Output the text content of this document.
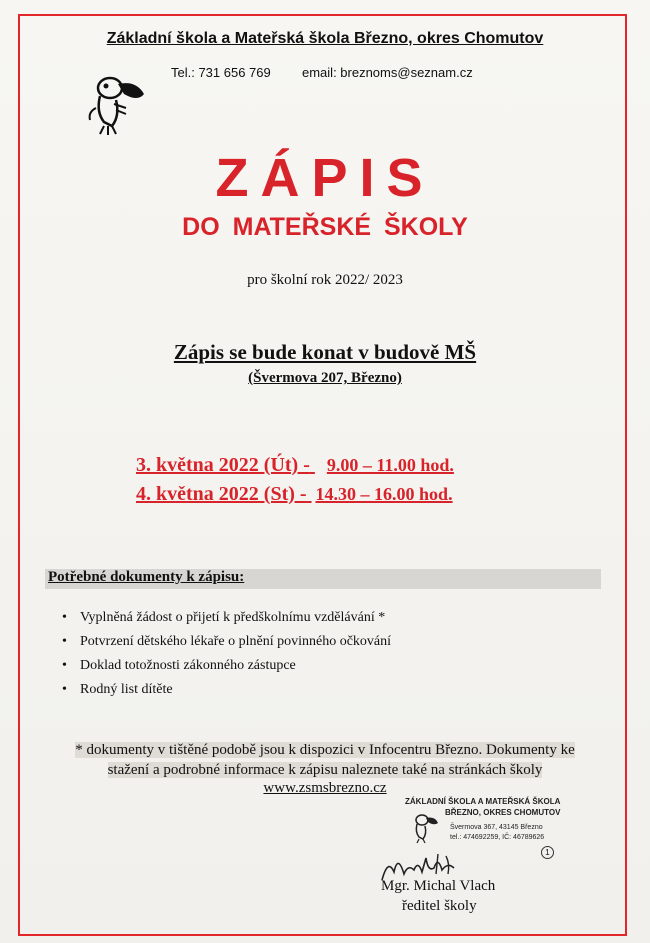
Základní škola a Mateřská škola Březno, okres Chomutov
Tel.: 731 656 769 email: breznoms@seznam.cz
ZÁPIS
DO MATEŘSKÉ ŠKOLY
pro školní rok 2022/ 2023
Zápis se bude konat v budově MŠ
(Švermova 207, Březno)
3. května 2022 (Út) - 9.00 – 11.00 hod.
4. května 2022 (St) - 14.30 – 16.00 hod.
Potřebné dokumenty k zápisu:
• Vyplněná žádost o přijetí k předškolnímu vzdělávání *
• Potvrzení dětského lékaře o plnění povinného očkování
• Doklad totožnosti zákonného zástupce
• Rodný list dítěte
* dokumenty v tištěné podobě jsou k dispozici v Infocentru Březno. Dokumenty ke
stažení a podrobné informace k zápisu naleznete také na stránkách školy
www.zsmsbrezno.cz
ZÁKLADNÍ ŠKOLA A MATEŘSKÁ ŠKOLA
BŘEZNO, OKRES CHOMUTOV
Švermova 367, 43145 Březno
tel.: 474692259, IČ: 46789626
1
Mgr. Michal Vlach
ředitel školy
